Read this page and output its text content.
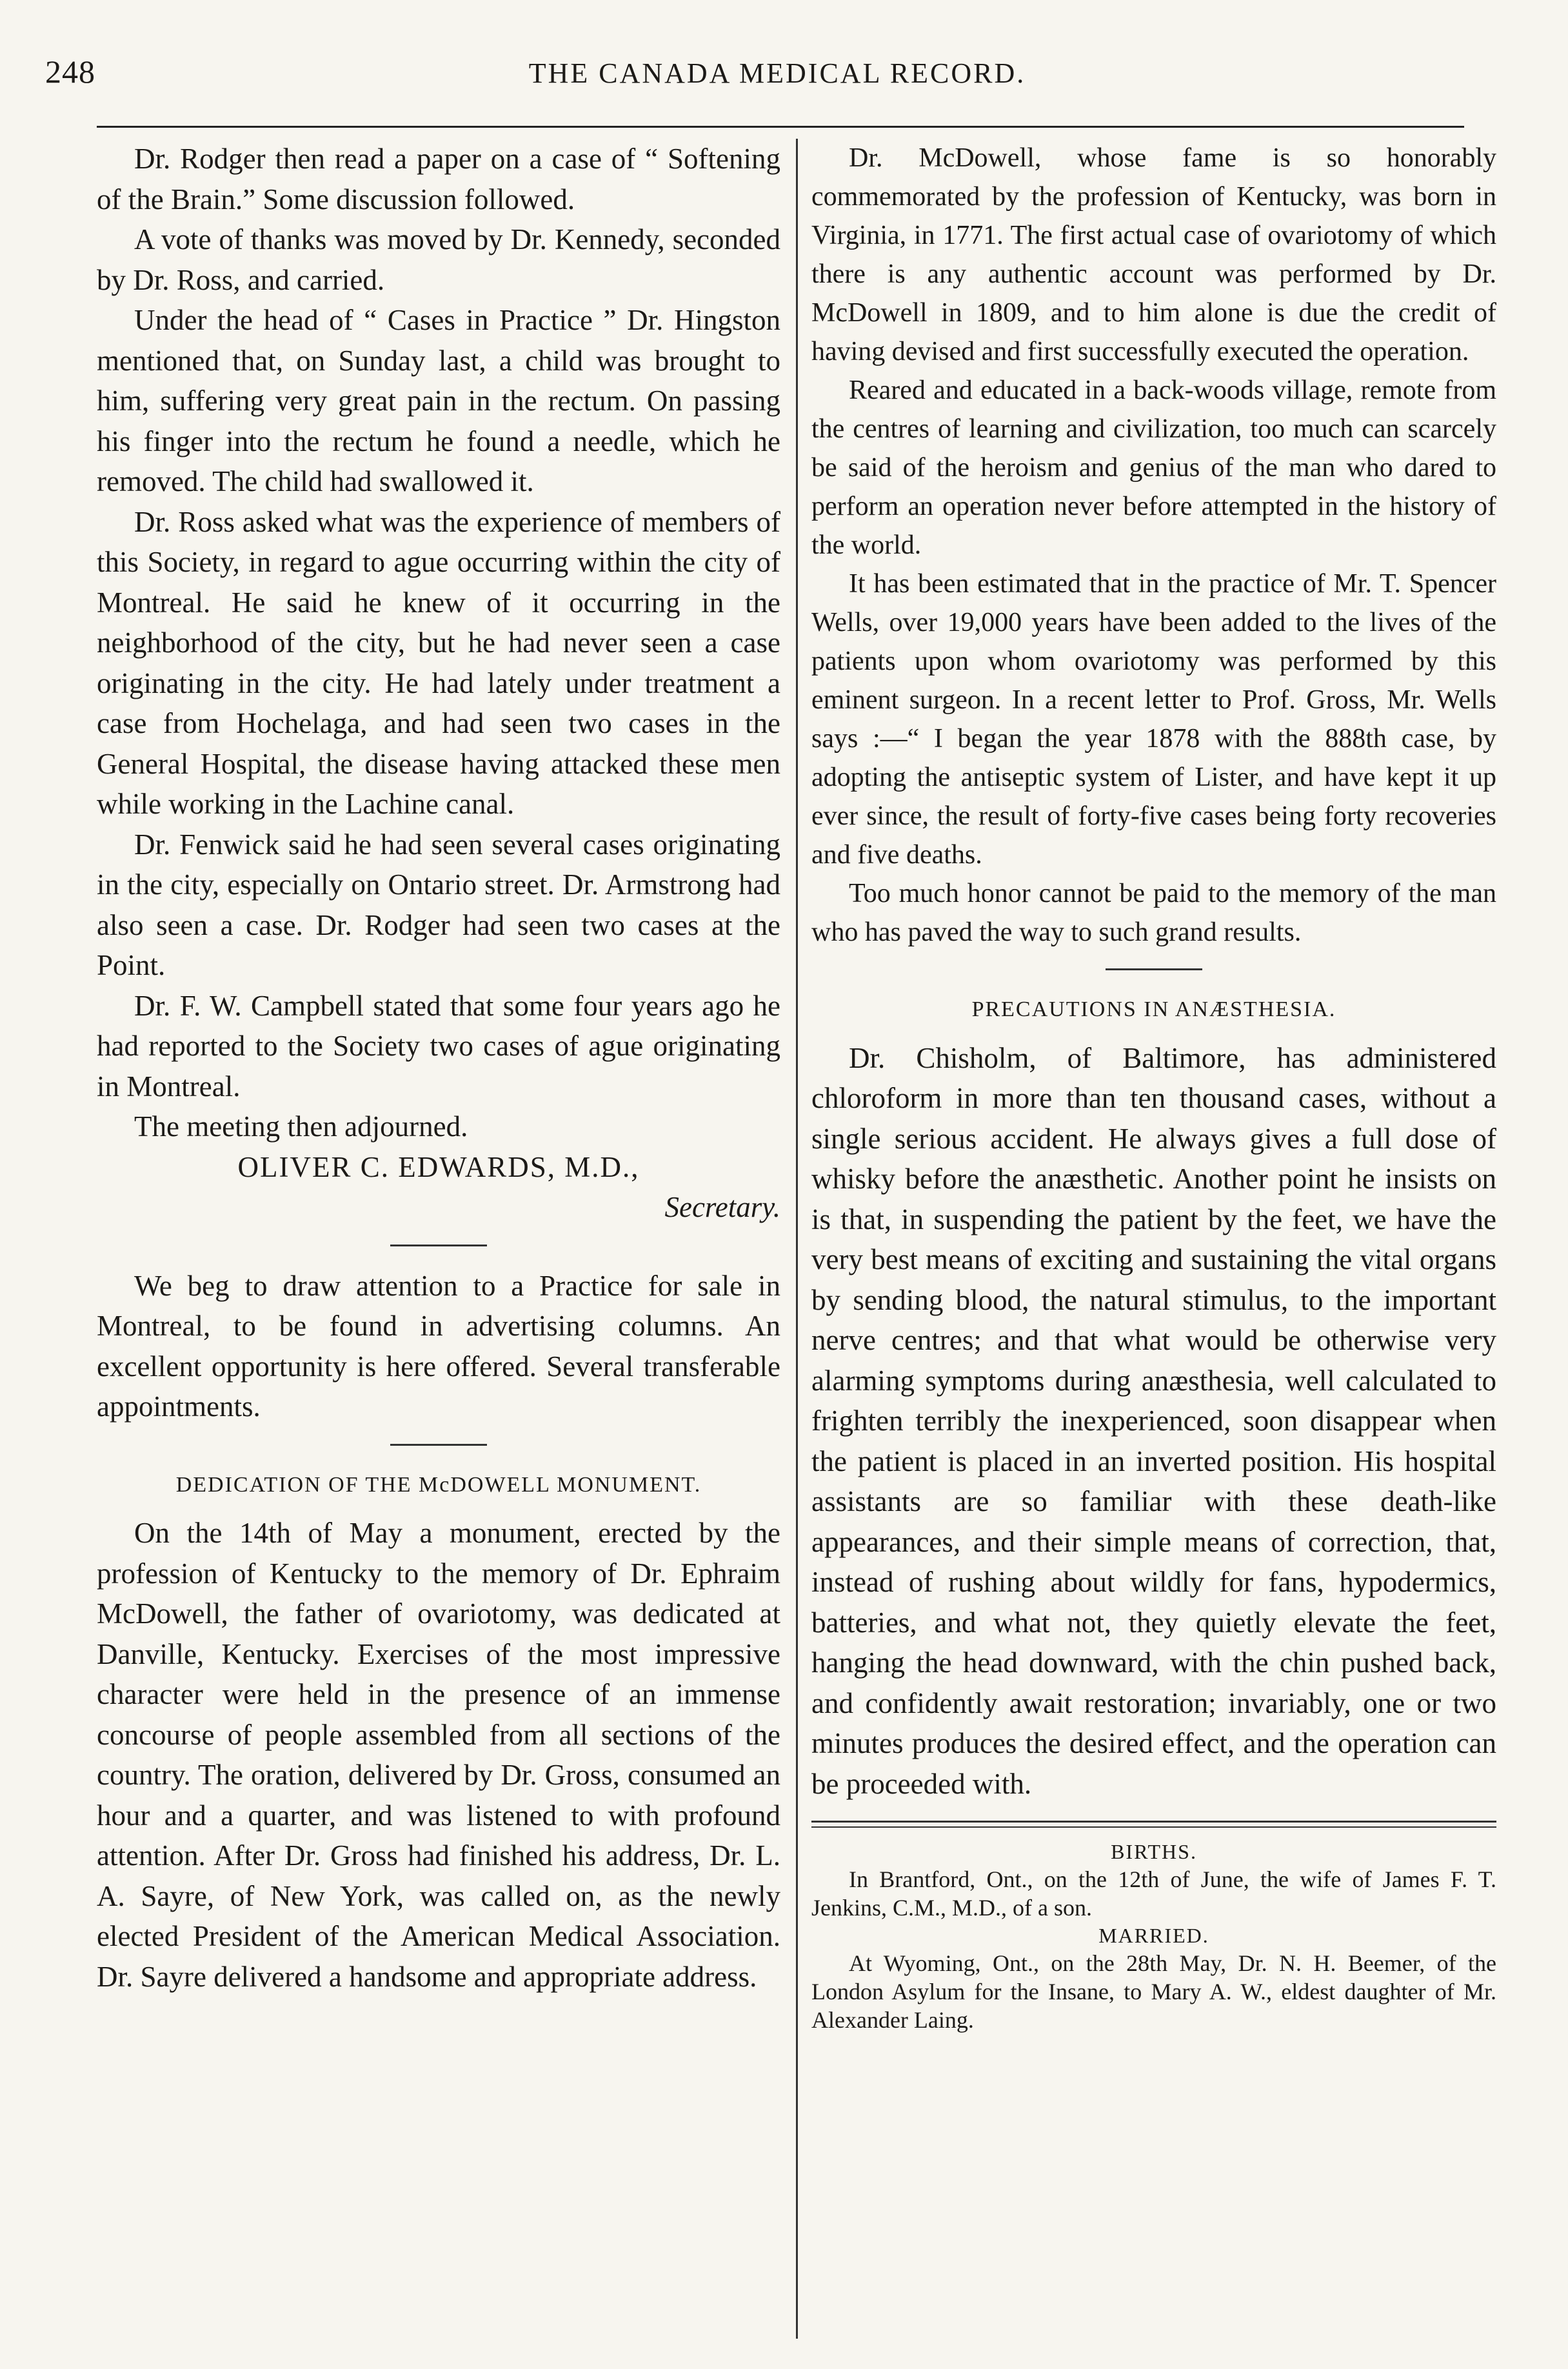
248	THE CANADA MEDICAL RECORD.

Dr. Rodger then read a paper on a case of “ Softening of the Brain.” Some discussion followed.

A vote of thanks was moved by Dr. Kennedy, seconded by Dr. Ross, and carried.

Under the head of “ Cases in Practice ” Dr. Hingston mentioned that, on Sunday last, a child was brought to him, suffering very great pain in the rectum. On passing his finger into the rectum he found a needle, which he removed. The child had swallowed it.

Dr. Ross asked what was the experience of members of this Society, in regard to ague occurring within the city of Montreal. He said he knew of it occurring in the neighborhood of the city, but he had never seen a case originating in the city. He had lately under treatment a case from Hochelaga, and had seen two cases in the General Hospital, the disease having attacked these men while working in the Lachine canal.

Dr. Fenwick said he had seen several cases originating in the city, especially on Ontario street. Dr. Armstrong had also seen a case. Dr. Rodger had seen two cases at the Point.

Dr. F. W. Campbell stated that some four years ago he had reported to the Society two cases of ague originating in Montreal.

The meeting then adjourned.

OLIVER C. EDWARDS, M.D.,
Secretary.

We beg to draw attention to a Practice for sale in Montreal, to be found in advertising columns. An excellent opportunity is here offered. Several transferable appointments.

DEDICATION OF THE McDOWELL MONUMENT.

On the 14th of May a monument, erected by the profession of Kentucky to the memory of Dr. Ephraim McDowell, the father of ovariotomy, was dedicated at Danville, Kentucky. Exercises of the most impressive character were held in the presence of an immense concourse of people assembled from all sections of the country. The oration, delivered by Dr. Gross, consumed an hour and a quarter, and was listened to with profound attention. After Dr. Gross had finished his address, Dr. L. A. Sayre, of New York, was called on, as the newly elected President of the American Medical Association. Dr. Sayre delivered a handsome and appropriate address.

Dr. McDowell, whose fame is so honorably commemorated by the profession of Kentucky, was born in Virginia, in 1771. The first actual case of ovariotomy of which there is any authentic account was performed by Dr. McDowell in 1809, and to him alone is due the credit of having devised and first successfully executed the operation.

Reared and educated in a back-woods village, remote from the centres of learning and civilization, too much can scarcely be said of the heroism and genius of the man who dared to perform an operation never before attempted in the history of the world.

It has been estimated that in the practice of Mr. T. Spencer Wells, over 19,000 years have been added to the lives of the patients upon whom ovariotomy was performed by this eminent surgeon. In a recent letter to Prof. Gross, Mr. Wells says :—“ I began the year 1878 with the 888th case, by adopting the antiseptic system of Lister, and have kept it up ever since, the result of forty-five cases being forty recoveries and five deaths.

Too much honor cannot be paid to the memory of the man who has paved the way to such grand results.

PRECAUTIONS IN ANÆSTHESIA.

Dr. Chisholm, of Baltimore, has administered chloroform in more than ten thousand cases, without a single serious accident. He always gives a full dose of whisky before the anæsthetic. Another point he insists on is that, in suspending the patient by the feet, we have the very best means of exciting and sustaining the vital organs by sending blood, the natural stimulus, to the important nerve centres; and that what would be otherwise very alarming symptoms during anæsthesia, well calculated to frighten terribly the inexperienced, soon disappear when the patient is placed in an inverted position. His hospital assistants are so familiar with these death-like appearances, and their simple means of correction, that, instead of rushing about wildly for fans, hypodermics, batteries, and what not, they quietly elevate the feet, hanging the head downward, with the chin pushed back, and confidently await restoration; invariably, one or two minutes produces the desired effect, and the operation can be proceeded with.

BIRTHS.

In Brantford, Ont., on the 12th of June, the wife of James F. T. Jenkins, C.M., M.D., of a son.

MARRIED.

At Wyoming, Ont., on the 28th May, Dr. N. H. Beemer, of the London Asylum for the Insane, to Mary A. W., eldest daughter of Mr. Alexander Laing.
